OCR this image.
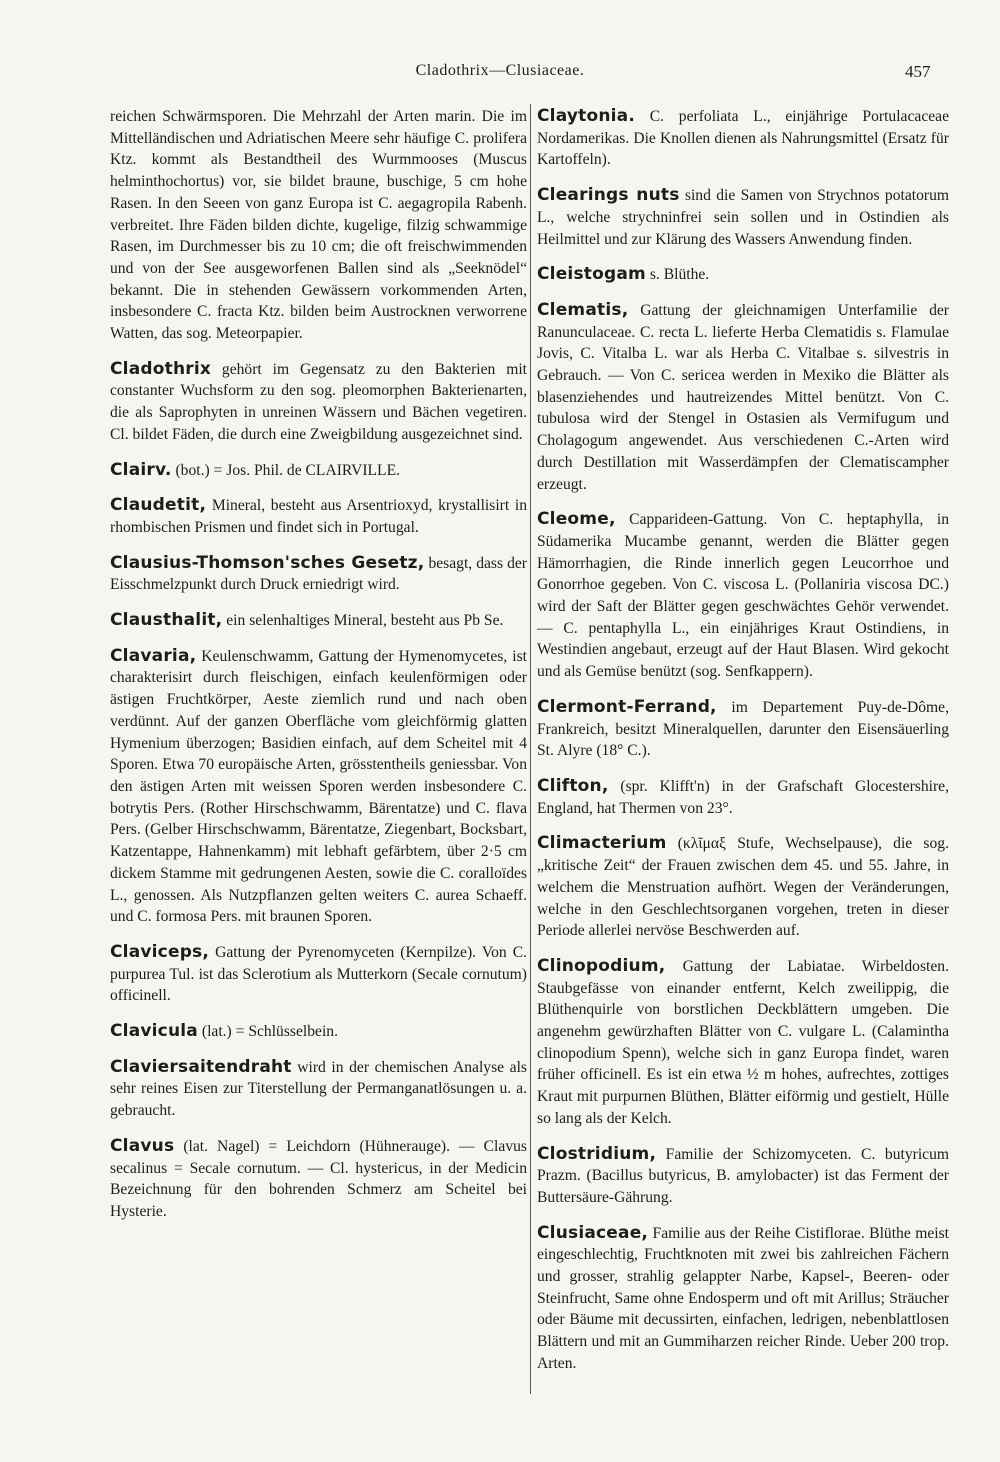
Cladothrix—Clusiaceae.	457

reichen Schwärmsporen. Die Mehrzahl der Arten marin. Die im Mittelländischen und Adriatischen Meere sehr häufige C. prolifera Ktz. kommt als Bestandtheil des Wurmmooses (Muscus helminthochortus) vor, sie bildet braune, buschige, 5 cm hohe Rasen. In den Seeen von ganz Europa ist C. aegagropila Rabenh. verbreitet. Ihre Fäden bilden dichte, kugelige, filzig schwammige Rasen, im Durchmesser bis zu 10 cm; die oft freischwimmenden und von der See ausgeworfenen Ballen sind als „Seeknödel“ bekannt. Die in stehenden Gewässern vorkommenden Arten, insbesondere C. fracta Ktz. bilden beim Austrocknen verworrene Watten, das sog. Meteorpapier.

Cladothrix gehört im Gegensatz zu den Bakterien mit constanter Wuchsform zu den sog. pleomorphen Bakterienarten, die als Saprophyten in unreinen Wässern und Bächen vegetiren. Cl. bildet Fäden, die durch eine Zweigbildung ausgezeichnet sind.

Clairv. (bot.) = Jos. Phil. de CLAIRVILLE.

Claudetit, Mineral, besteht aus Arsentrioxyd, krystallisirt in rhombischen Prismen und findet sich in Portugal.

Clausius-Thomson'sches Gesetz, besagt, dass der Eisschmelzpunkt durch Druck erniedrigt wird.

Clausthalit, ein selenhaltiges Mineral, besteht aus Pb Se.

Clavaria, Keulenschwamm, Gattung der Hymenomycetes, ist charakterisirt durch fleischigen, einfach keulenförmigen oder ästigen Fruchtkörper, Aeste ziemlich rund und nach oben verdünnt. Auf der ganzen Oberfläche vom gleichförmig glatten Hymenium überzogen; Basidien einfach, auf dem Scheitel mit 4 Sporen. Etwa 70 europäische Arten, grösstentheils geniessbar. Von den ästigen Arten mit weissen Sporen werden insbesondere C. botrytis Pers. (Rother Hirschschwamm, Bärentatze) und C. flava Pers. (Gelber Hirschschwamm, Bärentatze, Ziegenbart, Bocksbart, Katzentappe, Hahnenkamm) mit lebhaft gefärbtem, über 2·5 cm dickem Stamme mit gedrungenen Aesten, sowie die C. coralloïdes L., genossen. Als Nutzpflanzen gelten weiters C. aurea Schaeff. und C. formosa Pers. mit braunen Sporen.

Claviceps, Gattung der Pyrenomyceten (Kernpilze). Von C. purpurea Tul. ist das Sclerotium als Mutterkorn (Secale cornutum) officinell.

Clavicula (lat.) = Schlüsselbein.

Claviersaitendraht wird in der chemischen Analyse als sehr reines Eisen zur Titerstellung der Permanganatlösungen u. a. gebraucht.

Clavus (lat. Nagel) = Leichdorn (Hühnerauge). — Clavus secalinus = Secale cornutum. — Cl. hystericus, in der Medicin Bezeichnung für den bohrenden Schmerz am Scheitel bei Hysterie.

Claytonia. C. perfoliata L., einjährige Portulacaceae Nordamerikas. Die Knollen dienen als Nahrungsmittel (Ersatz für Kartoffeln).

Clearings nuts sind die Samen von Strychnos potatorum L., welche strychninfrei sein sollen und in Ostindien als Heilmittel und zur Klärung des Wassers Anwendung finden.

Cleistogam s. Blüthe.

Clematis, Gattung der gleichnamigen Unterfamilie der Ranunculaceae. C. recta L. lieferte Herba Clematidis s. Flamulae Jovis, C. Vitalba L. war als Herba C. Vitalbae s. silvestris in Gebrauch. — Von C. sericea werden in Mexiko die Blätter als blasenziehendes und hautreizendes Mittel benützt. Von C. tubulosa wird der Stengel in Ostasien als Vermifugum und Cholagogum angewendet. Aus verschiedenen C.-Arten wird durch Destillation mit Wasserdämpfen der Clematiscampher erzeugt.

Cleome, Capparideen-Gattung. Von C. heptaphylla, in Südamerika Mucambe genannt, werden die Blätter gegen Hämorrhagien, die Rinde innerlich gegen Leucorrhoe und Gonorrhoe gegeben. Von C. viscosa L. (Pollaniria viscosa DC.) wird der Saft der Blätter gegen geschwächtes Gehör verwendet. — C. pentaphylla L., ein einjähriges Kraut Ostindiens, in Westindien angebaut, erzeugt auf der Haut Blasen. Wird gekocht und als Gemüse benützt (sog. Senfkappern).

Clermont-Ferrand, im Departement Puy-de-Dôme, Frankreich, besitzt Mineralquellen, darunter den Eisensäuerling St. Alyre (18° C.).

Clifton, (spr. Klifft'n) in der Grafschaft Glocestershire, England, hat Thermen von 23°.

Climacterium (κλῖμαξ Stufe, Wechselpause), die sog. „kritische Zeit“ der Frauen zwischen dem 45. und 55. Jahre, in welchem die Menstruation aufhört. Wegen der Veränderungen, welche in den Geschlechtsorganen vorgehen, treten in dieser Periode allerlei nervöse Beschwerden auf.

Clinopodium, Gattung der Labiatae. Wirbeldosten. Staubgefässe von einander entfernt, Kelch zweilippig, die Blüthenquirle von borstlichen Deckblättern umgeben. Die angenehm gewürzhaften Blätter von C. vulgare L. (Calamintha clinopodium Spenn), welche sich in ganz Europa findet, waren früher officinell. Es ist ein etwa ½ m hohes, aufrechtes, zottiges Kraut mit purpurnen Blüthen, Blätter eiförmig und gestielt, Hülle so lang als der Kelch.

Clostridium, Familie der Schizomyceten. C. butyricum Prazm. (Bacillus butyricus, B. amylobacter) ist das Ferment der Buttersäure-Gährung.

Clusiaceae, Familie aus der Reihe Cistiflorae. Blüthe meist eingeschlechtig, Fruchtknoten mit zwei bis zahlreichen Fächern und grosser, strahlig gelappter Narbe, Kapsel-, Beeren- oder Steinfrucht, Same ohne Endosperm und oft mit Arillus; Sträucher oder Bäume mit decussirten, einfachen, ledrigen, nebenblattlosen Blättern und mit an Gummiharzen reicher Rinde. Ueber 200 trop. Arten.
